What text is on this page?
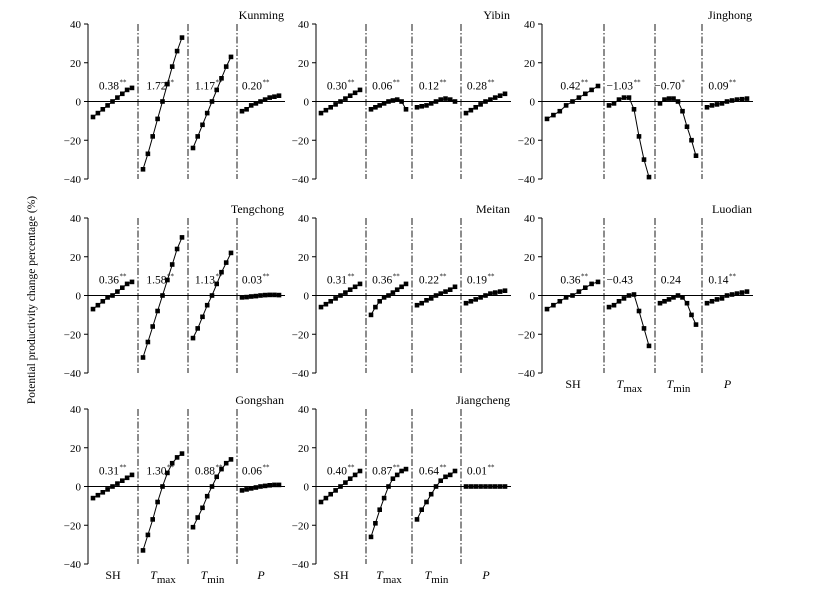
Potential productivity change percentage (%)
40
20
0
−20
−40
Kunming
0.38 ** 1.72 ** 1.17 ** 0.20 **
40
20
0
−20
−40
Yibin
0.30 ** 0.06 ** 0.12 ** 0.28 **
40
20
0
−20
−40
Jinghong
0.42 ** −1.03 ** −0.70 * 0.09 **
40
20
0
−20
−40
Tengchong
0.36 ** 1.58 ** 1.13 ** 0.03 **
40
20
0
−20
−40
Meitan
0.31 ** 0.36 ** 0.22 ** 0.19 **
40
20
0
−20
−40
Luodian
0.36 ** −0.43 0.24 0.14 **
SH	Tmax Tmin	P
40
20
0
−20
−40
Gongshan
0.31 ** 1.30 ** 0.88 ** 0.06 **
SH Tmax Tmin	P
40
20
0
−20
−40
Jiangcheng
0.40 ** 0.87 ** 0.64 ** 0.01 **
SH Tmax Tmin	P
